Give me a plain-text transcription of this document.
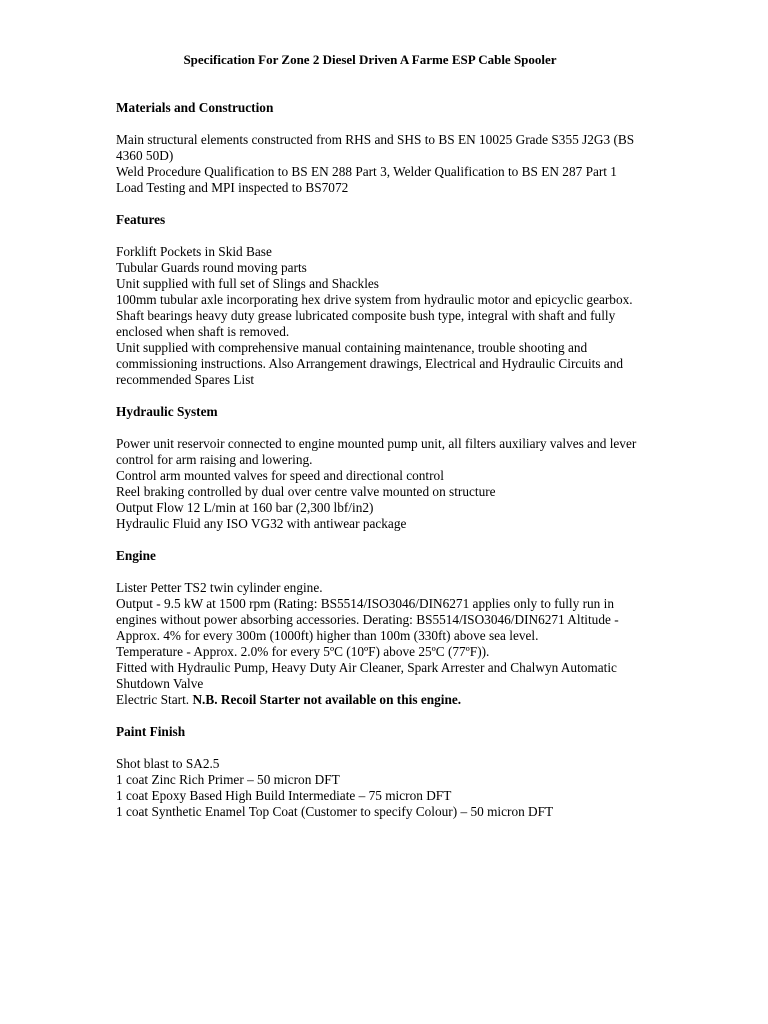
Specification For Zone 2 Diesel Driven A Farme ESP Cable Spooler
Materials and Construction

Main structural elements constructed from RHS and SHS to BS EN 10025 Grade S355 J2G3 (BS 4360 50D)

Weld Procedure Qualification to BS EN 288 Part 3, Welder Qualification to BS EN 287 Part 1

Load Testing and MPI inspected to BS7072

Features

Forklift Pockets in Skid Base

Tubular Guards round moving parts

Unit supplied with full set of Slings and Shackles

100mm tubular axle incorporating hex drive system from hydraulic motor and epicyclic gearbox.

Shaft bearings heavy duty grease lubricated composite bush type, integral with shaft and fully enclosed when shaft is removed.

Unit supplied with comprehensive manual containing maintenance, trouble shooting and commissioning instructions. Also Arrangement drawings, Electrical and Hydraulic Circuits and recommended Spares List

Hydraulic System

Power unit reservoir connected to engine mounted pump unit, all filters auxiliary valves and lever control for arm raising and lowering.

Control arm mounted valves for speed and directional control

Reel braking controlled by dual over centre valve mounted on structure

Output Flow 12 L/min at 160 bar (2,300 lbf/in2)

Hydraulic Fluid any ISO VG32 with antiwear package

Engine

Lister Petter TS2 twin cylinder engine.

Output - 9.5 kW at 1500 rpm (Rating: BS5514/ISO3046/DIN6271 applies only to fully run in engines without power absorbing accessories. Derating: BS5514/ISO3046/DIN6271 Altitude - Approx. 4% for every 300m (1000ft) higher than 100m (330ft) above sea level.

Temperature - Approx. 2.0% for every 5ºC (10ºF) above 25ºC (77ºF)).

Fitted with Hydraulic Pump, Heavy Duty Air Cleaner, Spark Arrester and Chalwyn Automatic Shutdown Valve

Electric Start. N.B. Recoil Starter not available on this engine.

Paint Finish

Shot blast to SA2.5

1 coat Zinc Rich Primer – 50 micron DFT

1 coat Epoxy Based High Build Intermediate – 75 micron DFT

1 coat Synthetic Enamel Top Coat (Customer to specify Colour) – 50 micron DFT
